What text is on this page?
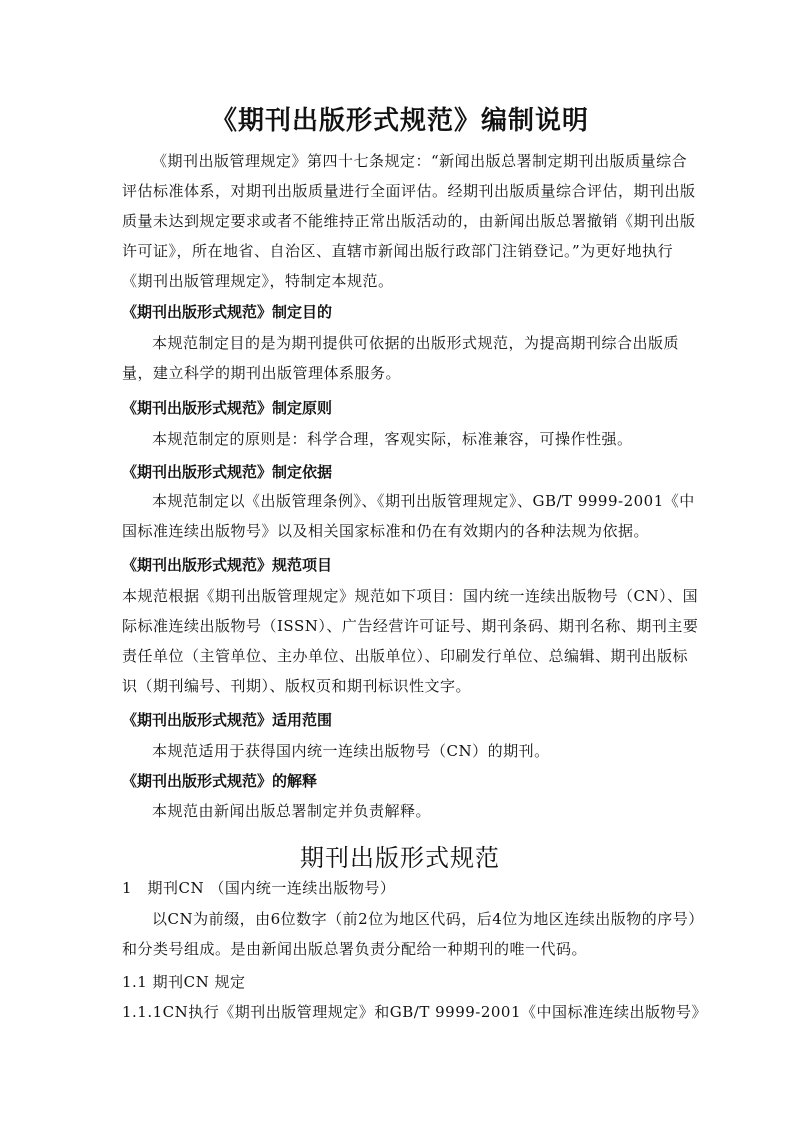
《期刊出版形式规范》编制说明
《期刊出版管理规定》第四十七条规定：“新闻出版总署制定期刊出版质量综合评估标准体系，对期刊出版质量进行全面评估。经期刊出版质量综合评估，期刊出版质量未达到规定要求或者不能维持正常出版活动的，由新闻出版总署撤销《期刊出版许可证》，所在地省、自治区、直辖市新闻出版行政部门注销登记。”为更好地执行《期刊出版管理规定》，特制定本规范。
《期刊出版形式规范》制定目的
本规范制定目的是为期刊提供可依据的出版形式规范，为提高期刊综合出版质量，建立科学的期刊出版管理体系服务。
《期刊出版形式规范》制定原则
本规范制定的原则是：科学合理，客观实际，标准兼容，可操作性强。
《期刊出版形式规范》制定依据
本规范制定以《出版管理条例》、《期刊出版管理规定》、GB/T 9999-2001《中国标准连续出版物号》以及相关国家标准和仍在有效期内的各种法规为依据。
《期刊出版形式规范》规范项目
本规范根据《期刊出版管理规定》规范如下项目：国内统一连续出版物号（CN）、国际标准连续出版物号（ISSN）、广告经营许可证号、期刊条码、期刊名称、期刊主要责任单位（主管单位、主办单位、出版单位）、印刷发行单位、总编辑、期刊出版标识（期刊编号、刊期）、版权页和期刊标识性文字。
《期刊出版形式规范》适用范围
本规范适用于获得国内统一连续出版物号（CN）的期刊。
《期刊出版形式规范》的解释
本规范由新闻出版总署制定并负责解释。
期刊出版形式规范
1　期刊CN （国内统一连续出版物号）
以CN为前缀，由6位数字（前2位为地区代码，后4位为地区连续出版物的序号）和分类号组成。是由新闻出版总署负责分配给一种期刊的唯一代码。
1.1 期刊CN 规定
1.1.1CN执行《期刊出版管理规定》和GB/T 9999-2001《中国标准连续出版物号》
